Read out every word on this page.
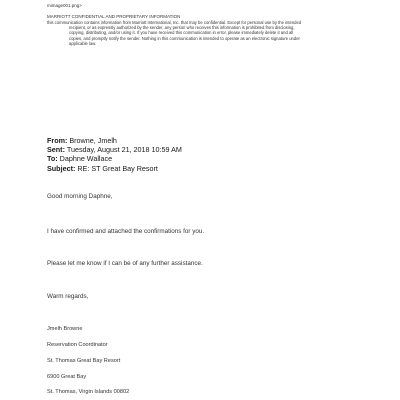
mimage001.png>
MARRIOTT CONFIDENTIAL AND PROPRIETARY INFORMATION
this communication contains information from Marriott International, Inc. that may be confidential. Except for personal use by the intended
recipient, or as expressly authorized by the sender, any person who receives this information is prohibited from disclosing,
copying, distributing, and/or using it. If you have received this communication in error, please immediately delete it and all
copies, and promptly notify the sender. Nothing in this communication is intended to operate as an electronic signature under
applicable law.
From: Browne, Jmelh
Sent: Tuesday, August 21, 2018 10:59 AM
To: Daphne Wallace
Subject: RE: ST Great Bay Resort
Good morning Daphne,
I have confirmed and attached the confirmations for you.
Please let me know if I can be of any further assistance.
Warm regards,
Jmelh Browne
Reservation Coordinator
St. Thomas Great Bay Resort
6900 Great Bay
St. Thomas, Virgin Islands 00802
